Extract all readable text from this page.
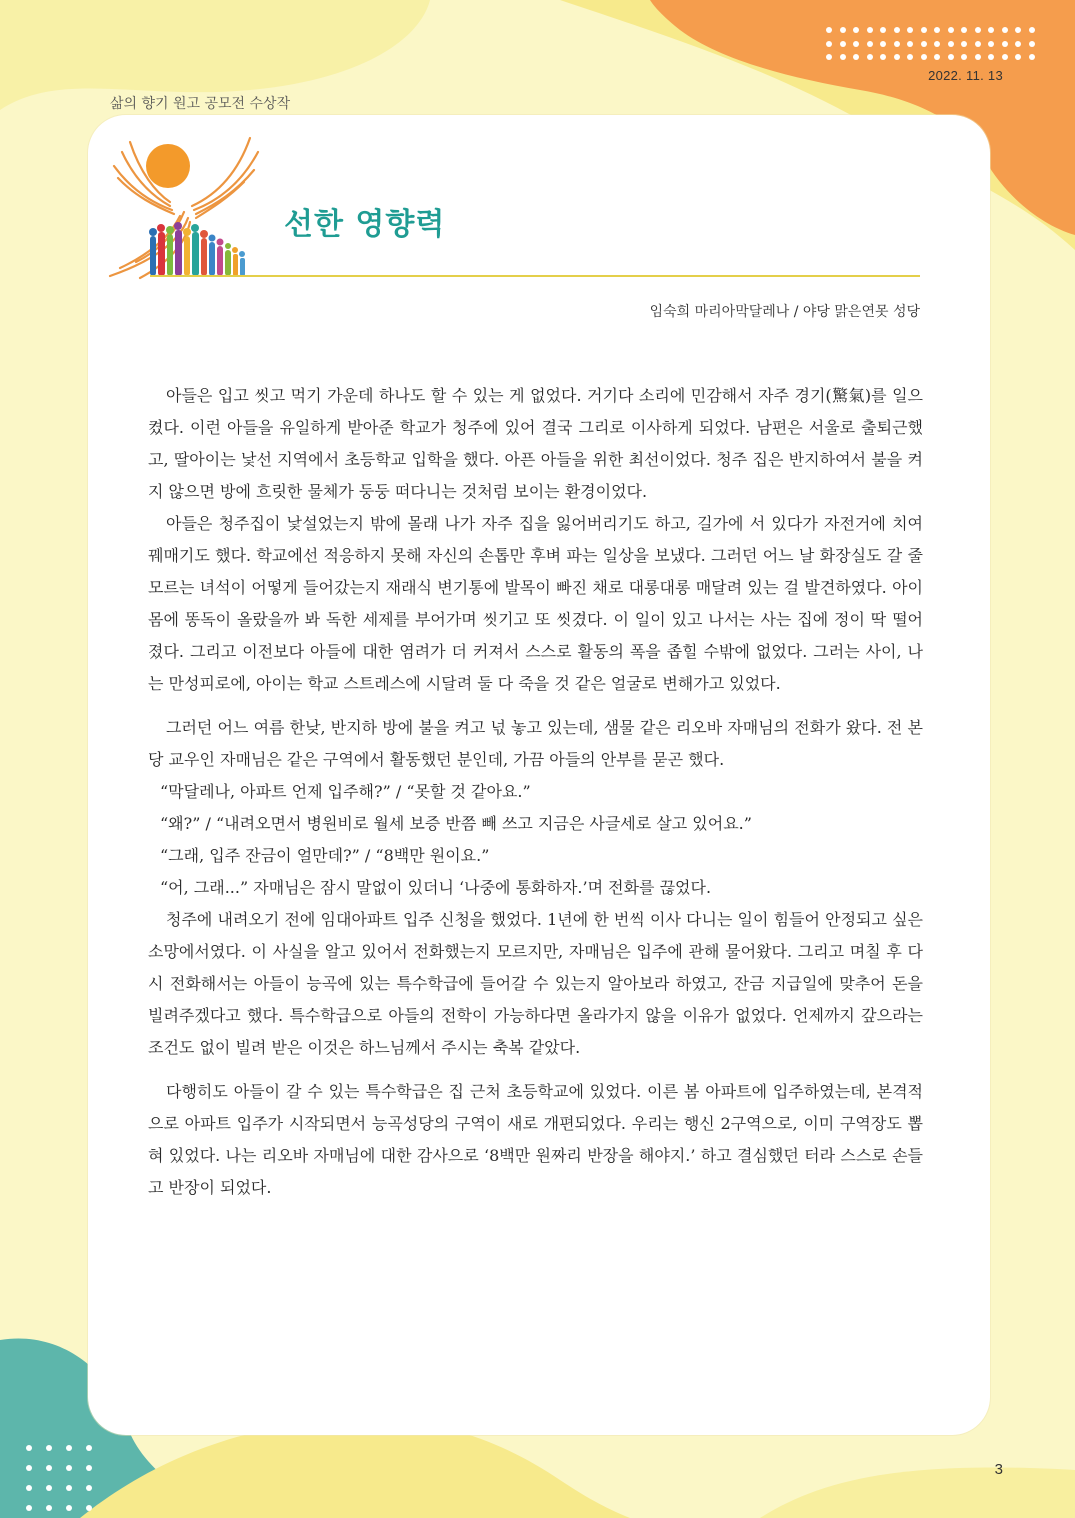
2022. 11. 13
삶의 향기 원고 공모전 수상작
선한 영향력
임숙희 마리아막달레나 / 야당 맑은연못 성당

아들은 입고 씻고 먹기 가운데 하나도 할 수 있는 게 없었다. 거기다 소리에 민감해서 자주 경기(驚氣)를 일으켰다. 이런 아들을 유일하게 받아준 학교가 청주에 있어 결국 그리로 이사하게 되었다. 남편은 서울로 출퇴근했고, 딸아이는 낯선 지역에서 초등학교 입학을 했다. 아픈 아들을 위한 최선이었다. 청주 집은 반지하여서 불을 켜지 않으면 방에 흐릿한 물체가 둥둥 떠다니는 것처럼 보이는 환경이었다.

아들은 청주집이 낯설었는지 밖에 몰래 나가 자주 집을 잃어버리기도 하고, 길가에 서 있다가 자전거에 치여 꿰매기도 했다. 학교에선 적응하지 못해 자신의 손톱만 후벼 파는 일상을 보냈다. 그러던 어느 날 화장실도 갈 줄 모르는 녀석이 어떻게 들어갔는지 재래식 변기통에 발목이 빠진 채로 대롱대롱 매달려 있는 걸 발견하였다. 아이 몸에 똥독이 올랐을까 봐 독한 세제를 부어가며 씻기고 또 씻겼다. 이 일이 있고 나서는 사는 집에 정이 딱 떨어졌다. 그리고 이전보다 아들에 대한 염려가 더 커져서 스스로 활동의 폭을 좁힐 수밖에 없었다. 그러는 사이, 나는 만성피로에, 아이는 학교 스트레스에 시달려 둘 다 죽을 것 같은 얼굴로 변해가고 있었다.

그러던 어느 여름 한낮, 반지하 방에 불을 켜고 넋 놓고 있는데, 샘물 같은 리오바 자매님의 전화가 왔다. 전 본당 교우인 자매님은 같은 구역에서 활동했던 분인데, 가끔 아들의 안부를 묻곤 했다.

“막달레나, 아파트 언제 입주해?” / “못할 것 같아요.”

“왜?” / “내려오면서 병원비로 월세 보증 반쯤 빼 쓰고 지금은 사글세로 살고 있어요.”

“그래, 입주 잔금이 얼만데?” / “8백만 원이요.”

“어, 그래...” 자매님은 잠시 말없이 있더니 ‘나중에 통화하자.’며 전화를 끊었다.

청주에 내려오기 전에 임대아파트 입주 신청을 했었다. 1년에 한 번씩 이사 다니는 일이 힘들어 안정되고 싶은 소망에서였다. 이 사실을 알고 있어서 전화했는지 모르지만, 자매님은 입주에 관해 물어왔다. 그리고 며칠 후 다시 전화해서는 아들이 능곡에 있는 특수학급에 들어갈 수 있는지 알아보라 하였고, 잔금 지급일에 맞추어 돈을 빌려주겠다고 했다. 특수학급으로 아들의 전학이 가능하다면 올라가지 않을 이유가 없었다. 언제까지 갚으라는 조건도 없이 빌려 받은 이것은 하느님께서 주시는 축복 같았다.

다행히도 아들이 갈 수 있는 특수학급은 집 근처 초등학교에 있었다. 이른 봄 아파트에 입주하였는데, 본격적으로 아파트 입주가 시작되면서 능곡성당의 구역이 새로 개편되었다. 우리는 행신 2구역으로, 이미 구역장도 뽑혀 있었다. 나는 리오바 자매님에 대한 감사으로 ‘8백만 원짜리 반장을 해야지.’ 하고 결심했던 터라 스스로 손들고 반장이 되었다.

3
